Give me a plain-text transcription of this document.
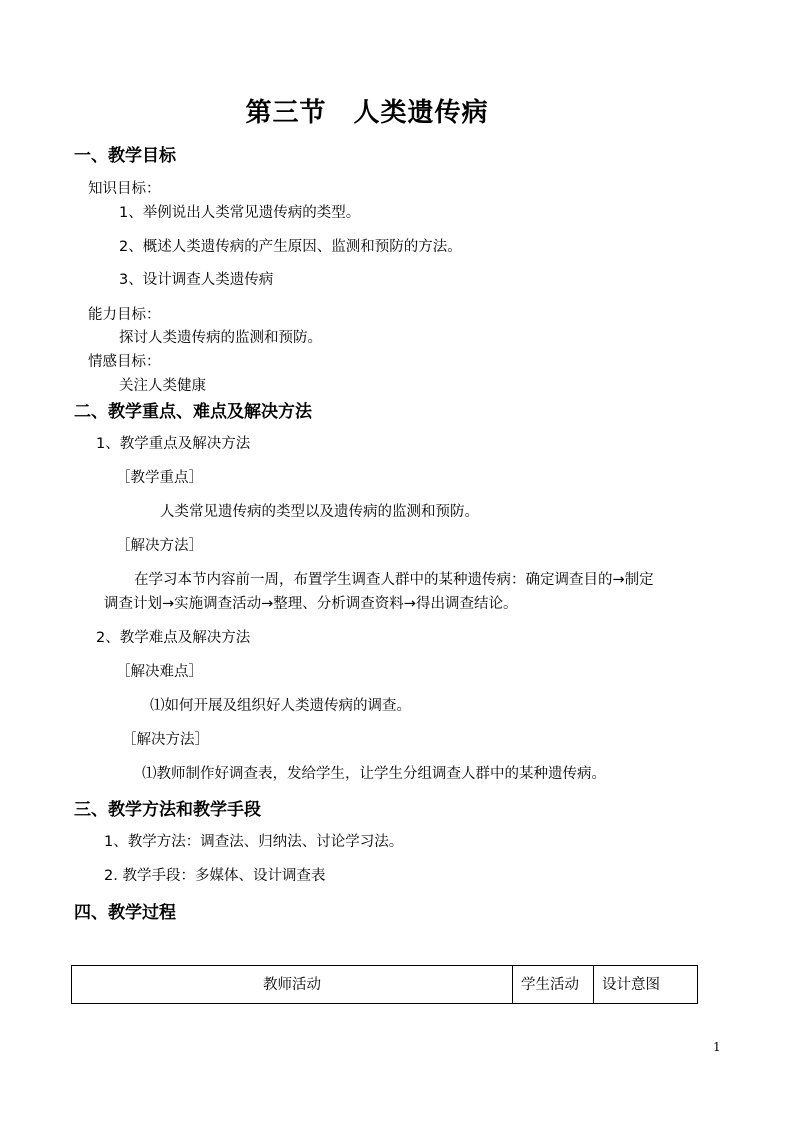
第三节　人类遗传病
一、教学目标
知识目标：
1、举例说出人类常见遗传病的类型。
2、概述人类遗传病的产生原因、监测和预防的方法。
3、设计调查人类遗传病
能力目标：
探讨人类遗传病的监测和预防。
情感目标：
关注人类健康
二、教学重点、难点及解决方法
1、教学重点及解决方法
［教学重点］
人类常见遗传病的类型以及遗传病的监测和预防。
［解决方法］
在学习本节内容前一周，布置学生调查人群中的某种遗传病：确定调查目的→制定
调查计划→实施调查活动→整理、分析调查资料→得出调查结论。
2、教学难点及解决方法
［解决难点］
⑴如何开展及组织好人类遗传病的调查。
［解决方法］
⑴教师制作好调查表，发给学生，让学生分组调查人群中的某种遗传病。
三、教学方法和教学手段
1、教学方法：调查法、归纳法、讨论学习法。
2. 教学手段：多媒体、设计调查表
四、教学过程
教师活动	学生活动	设计意图
1
